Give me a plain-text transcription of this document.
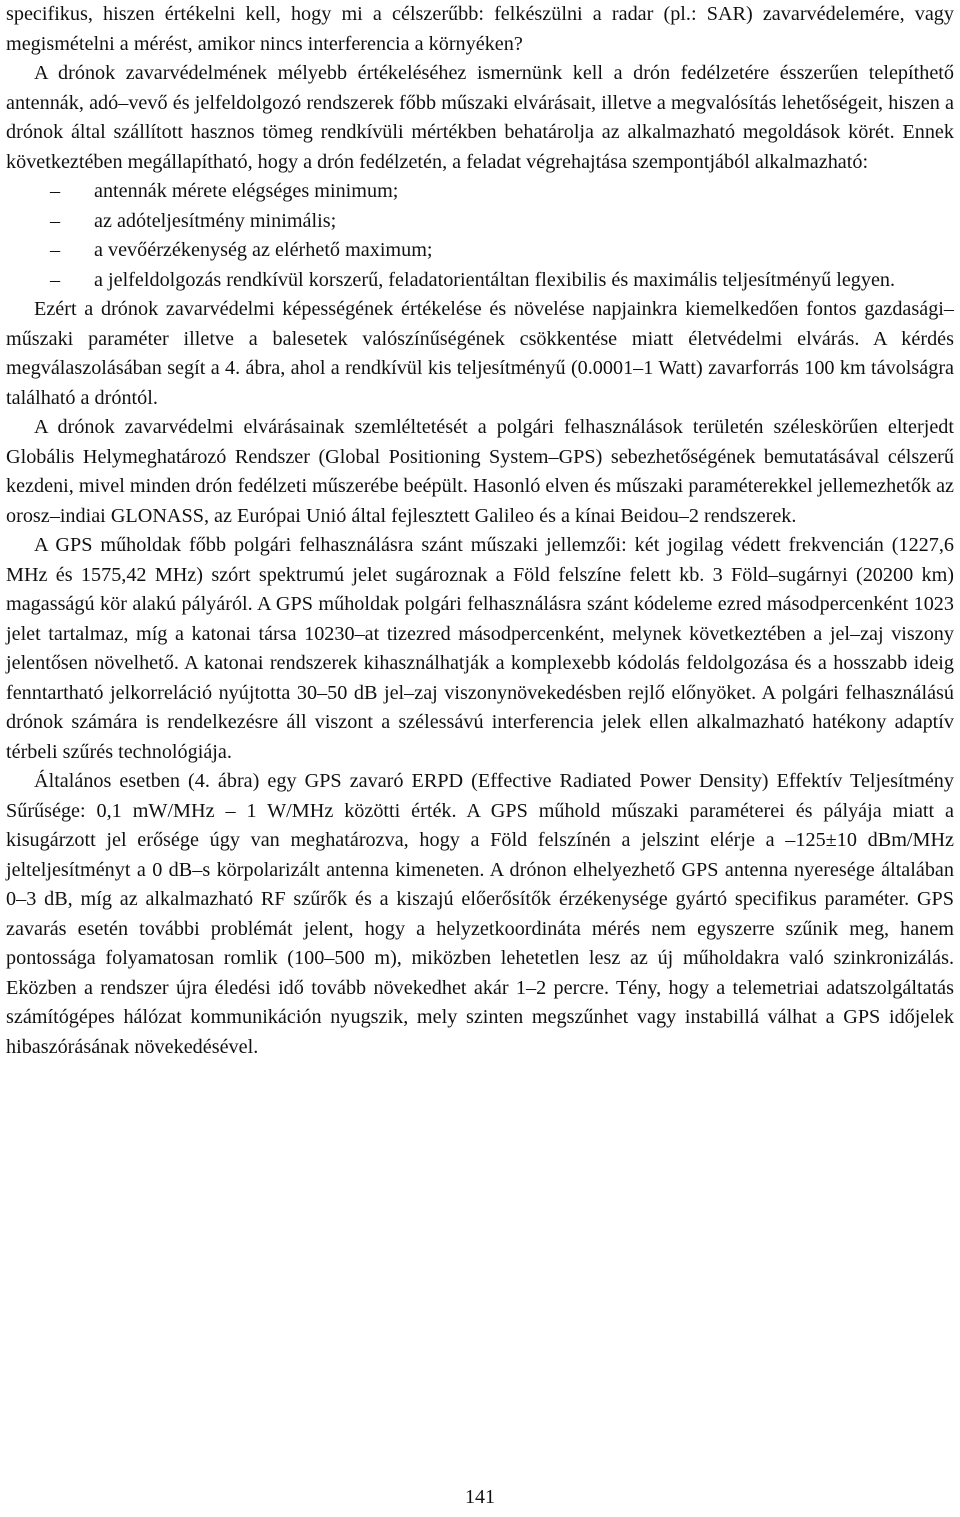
specifikus, hiszen értékelni kell, hogy mi a célszerűbb: felkészülni a radar (pl.: SAR) zavarvédelemére, vagy megismételni a mérést, amikor nincs interferencia a környéken?

A drónok zavarvédelmének mélyebb értékeléséhez ismernünk kell a drón fedélzetére ésszerűen telepíthető antennák, adó–vevő és jelfeldolgozó rendszerek főbb műszaki elvárásait, illetve a megvalósítás lehetőségeit, hiszen a drónok által szállított hasznos tömeg rendkívüli mértékben behatárolja az alkalmazható megoldások körét. Ennek következtében megállapítható, hogy a drón fedélzetén, a feladat végrehajtása szempontjából alkalmazható:

–	antennák mérete elégséges minimum;
–	az adóteljesítmény minimális;
–	a vevőérzékenység az elérhető maximum;
–	a jelfeldolgozás rendkívül korszerű, feladatorientáltan flexibilis és maximális teljesítményű legyen.

Ezért a drónok zavarvédelmi képességének értékelése és növelése napjainkra kiemelkedően fontos gazdasági–műszaki paraméter illetve a balesetek valószínűségének csökkentése miatt életvédelmi elvárás. A kérdés megválaszolásában segít a 4. ábra, ahol a rendkívül kis teljesítményű (0.0001–1 Watt) zavarforrás 100 km távolságra található a dróntól.

A drónok zavarvédelmi elvárásainak szemléltetését a polgári felhasználások területén széleskörűen elterjedt Globális Helymeghatározó Rendszer (Global Positioning System–GPS) sebezhetőségének bemutatásával célszerű kezdeni, mivel minden drón fedélzeti műszerébe beépült. Hasonló elven és műszaki paraméterekkel jellemezhetők az orosz–indiai GLONASS, az Európai Unió által fejlesztett Galileo és a kínai Beidou–2 rendszerek.

A GPS műholdak főbb polgári felhasználásra szánt műszaki jellemzői: két jogilag védett frekvencián (1227,6 MHz és 1575,42 MHz) szórt spektrumú jelet sugároznak a Föld felszíne felett kb. 3 Föld–sugárnyi (20200 km) magasságú kör alakú pályáról. A GPS műholdak polgári felhasználásra szánt kódeleme ezred másodpercenként 1023 jelet tartalmaz, míg a katonai társa 10230–at tizezred másodpercenként, melynek következtében a jel–zaj viszony jelentősen növelhető. A katonai rendszerek kihasználhatják a komplexebb kódolás feldolgozása és a hosszabb ideig fenntartható jelkorreláció nyújtotta 30–50 dB jel–zaj viszonynövekedésben rejlő előnyöket. A polgári felhasználású drónok számára is rendelkezésre áll viszont a szélessávú interferencia jelek ellen alkalmazható hatékony adaptív térbeli szűrés technológiája.

Általános esetben (4. ábra) egy GPS zavaró ERPD (Effective Radiated Power Density) Effektív Teljesítmény Sűrűsége: 0,1 mW/MHz – 1 W/MHz közötti érték. A GPS műhold műszaki paraméterei és pályája miatt a kisugárzott jel erősége úgy van meghatározva, hogy a Föld felszínén a jelszint elérje a –125±10 dBm/MHz jelteljesítményt a 0 dB–s körpolarizált antenna kimeneten. A drónon elhelyezhető GPS antenna nyeresége általában 0–3 dB, míg az alkalmazható RF szűrők és a kiszajú előerősítők érzékenysége gyártó specifikus paraméter. GPS zavarás esetén további problémát jelent, hogy a helyzetkoordináta mérés nem egyszerre szűnik meg, hanem pontossága folyamatosan romlik (100–500 m), miközben lehetetlen lesz az új műholdakra való szinkronizálás. Eközben a rendszer újra éledési idő tovább növekedhet akár 1–2 percre. Tény, hogy a telemetriai adatszolgáltatás számítógépes hálózat kommunikáción nyugszik, mely szinten megszűnhet vagy instabillá válhat a GPS időjelek hibaszórásának növekedésével.

141
